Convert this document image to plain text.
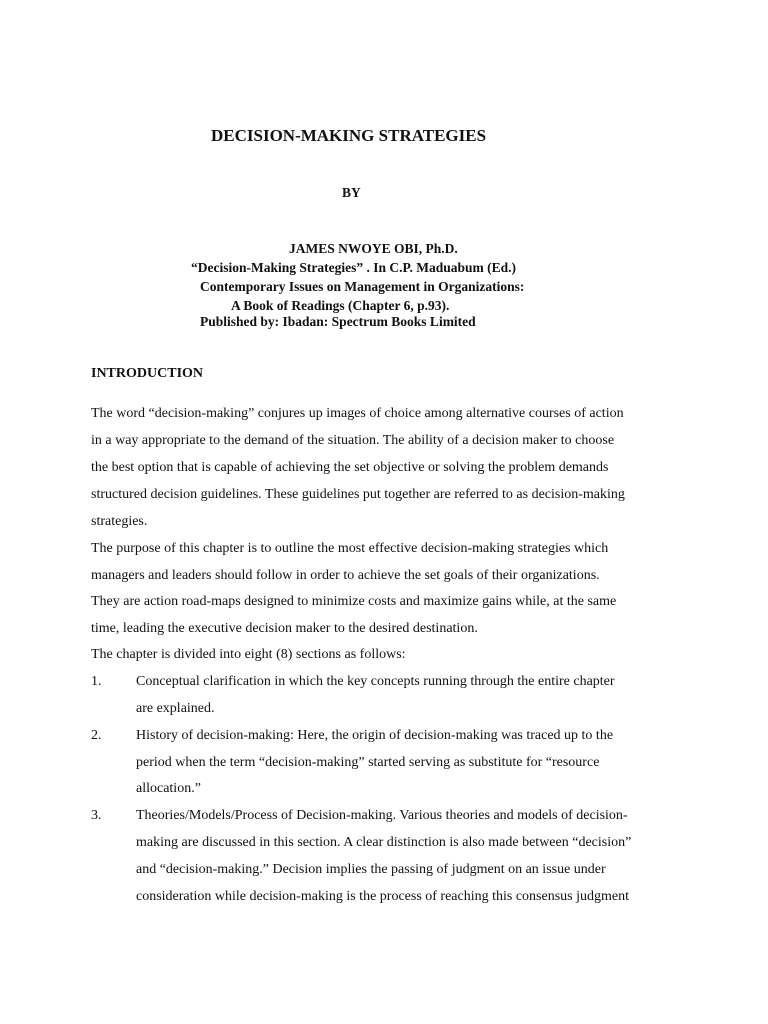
DECISION-MAKING STRATEGIES
BY
JAMES NWOYE OBI, Ph.D.
“Decision-Making Strategies” . In C.P. Maduabum (Ed.)
Contemporary Issues on Management in Organizations:
A Book of Readings (Chapter 6, p.93).
Published by: Ibadan: Spectrum Books Limited
INTRODUCTION
The word “decision-making” conjures up images of choice among alternative courses of action
in a way appropriate to the demand of the situation. The ability of a decision maker to choose
the best option that is capable of achieving the set objective or solving the problem demands
structured decision guidelines. These guidelines put together are referred to as decision-making
strategies.
The purpose of this chapter is to outline the most effective decision-making strategies which
managers and leaders should follow in order to achieve the set goals of their organizations.
They are action road-maps designed to minimize costs and maximize gains while, at the same
time, leading the executive decision maker to the desired destination.
The chapter is divided into eight (8) sections as follows:
1. Conceptual clarification in which the key concepts running through the entire chapter
are explained.
2. History of decision-making: Here, the origin of decision-making was traced up to the
period when the term “decision-making” started serving as substitute for “resource
allocation.”
3. Theories/Models/Process of Decision-making. Various theories and models of decision-
making are discussed in this section. A clear distinction is also made between “decision”
and “decision-making.” Decision implies the passing of judgment on an issue under
consideration while decision-making is the process of reaching this consensus judgment
